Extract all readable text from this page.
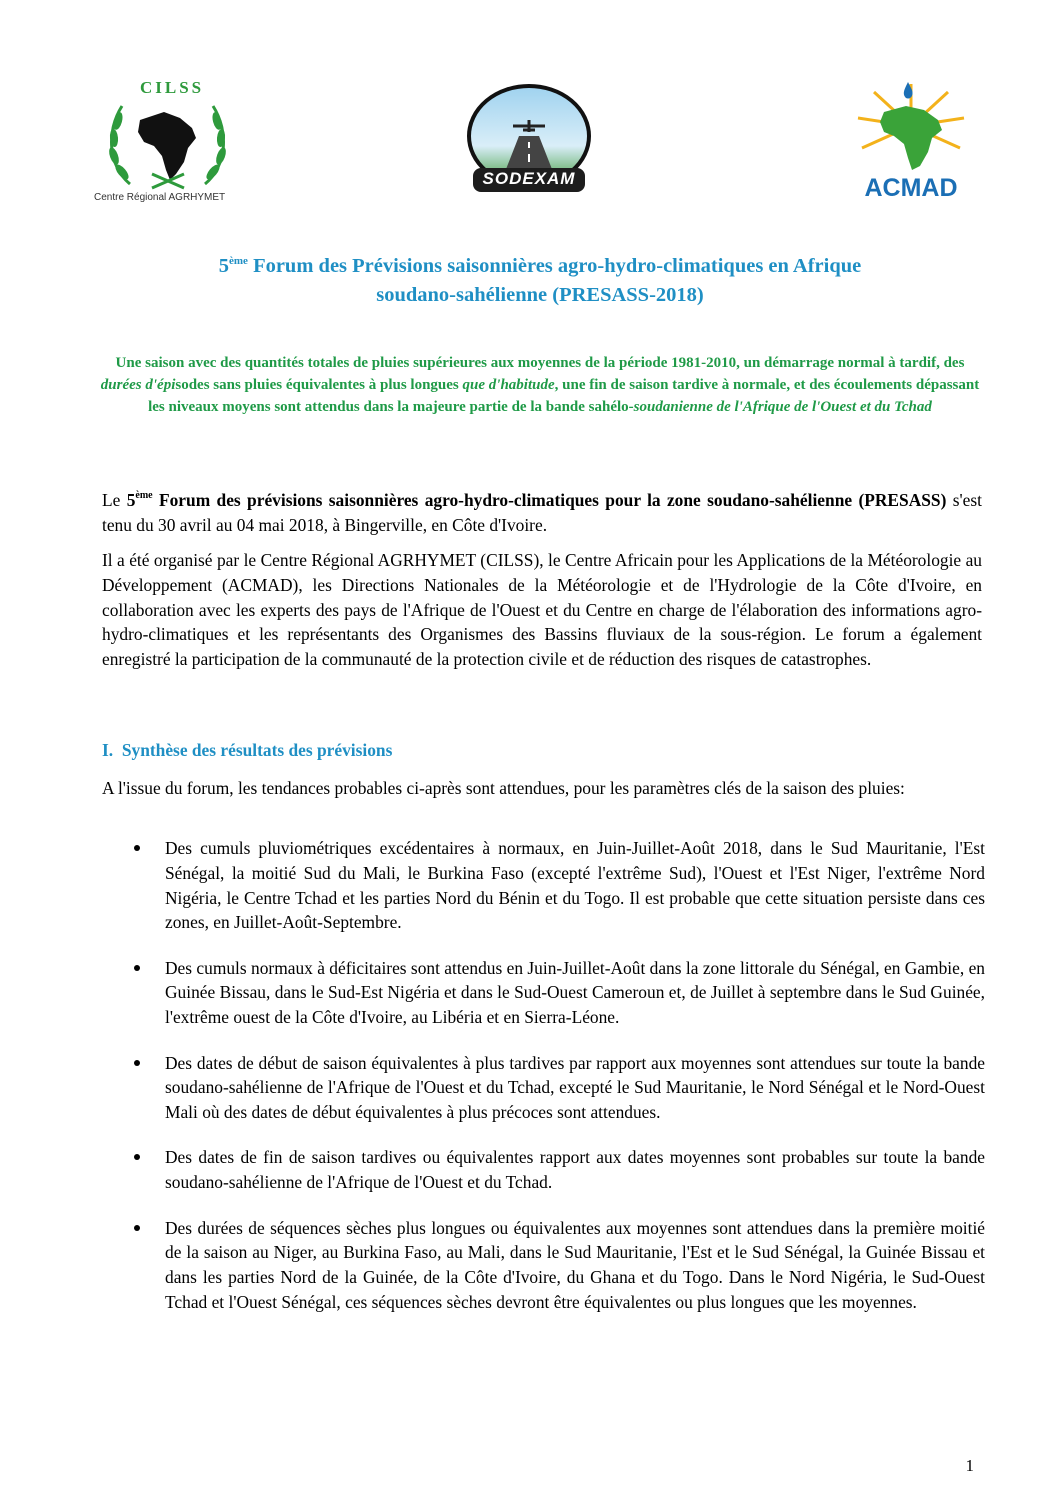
CILSS
Centre Régional AGRHYMET
SODEXAM	ACMAD
5ème Forum des Prévisions saisonnières agro-hydro-climatiques en Afrique
soudano-sahélienne (PRESASS-2018)
Une saison avec des quantités totales de pluies supérieures aux moyennes de la période 1981-2010, un démarrage normal à tardif, des durées d'épisodes sans pluies équivalentes à plus longues que d'habitude, une fin de saison tardive à normale, et des écoulements dépassant les niveaux moyens sont attendus dans la majeure partie de la bande sahélo-soudanienne de l'Afrique de l'Ouest et du Tchad

Le 5ème Forum des prévisions saisonnières agro-hydro-climatiques pour la zone soudano-sahélienne (PRESASS) s'est tenu du 30 avril au 04 mai 2018, à Bingerville, en Côte d'Ivoire.

Il a été organisé par le Centre Régional AGRHYMET (CILSS), le Centre Africain pour les Applications de la Météorologie au Développement (ACMAD), les Directions Nationales de la Météorologie et de l'Hydrologie de la Côte d'Ivoire, en collaboration avec les experts des pays de l'Afrique de l'Ouest et du Centre en charge de l'élaboration des informations agro-hydro-climatiques et les représentants des Organismes des Bassins fluviaux de la sous-région. Le forum a également enregistré la participation de la communauté de la protection civile et de réduction des risques de catastrophes.

I. Synthèse des résultats des prévisions

A l'issue du forum, les tendances probables ci-après sont attendues, pour les paramètres clés de la saison des pluies:

Des cumuls pluviométriques excédentaires à normaux, en Juin-Juillet-Août 2018, dans le Sud Mauritanie, l'Est Sénégal, la moitié Sud du Mali, le Burkina Faso (excepté l'extrême Sud), l'Ouest et l'Est Niger, l'extrême Nord Nigéria, le Centre Tchad et les parties Nord du Bénin et du Togo. Il est probable que cette situation persiste dans ces zones, en Juillet-Août-Septembre.
Des cumuls normaux à déficitaires sont attendus en Juin-Juillet-Août dans la zone littorale du Sénégal, en Gambie, en Guinée Bissau, dans le Sud-Est Nigéria et dans le Sud-Ouest Cameroun et, de Juillet à septembre dans le Sud Guinée, l'extrême ouest de la Côte d'Ivoire, au Libéria et en Sierra-Léone.
Des dates de début de saison équivalentes à plus tardives par rapport aux moyennes sont attendues sur toute la bande soudano-sahélienne de l'Afrique de l'Ouest et du Tchad, excepté le Sud Mauritanie, le Nord Sénégal et le Nord-Ouest Mali où des dates de début équivalentes à plus précoces sont attendues.
Des dates de fin de saison tardives ou équivalentes rapport aux dates moyennes sont probables sur toute la bande soudano-sahélienne de l'Afrique de l'Ouest et du Tchad.
Des durées de séquences sèches plus longues ou équivalentes aux moyennes sont attendues dans la première moitié de la saison au Niger, au Burkina Faso, au Mali, dans le Sud Mauritanie, l'Est et le Sud Sénégal, la Guinée Bissau et dans les parties Nord de la Guinée, de la Côte d'Ivoire, du Ghana et du Togo. Dans le Nord Nigéria, le Sud-Ouest Tchad et l'Ouest Sénégal, ces séquences sèches devront être équivalentes ou plus longues que les moyennes.
1
